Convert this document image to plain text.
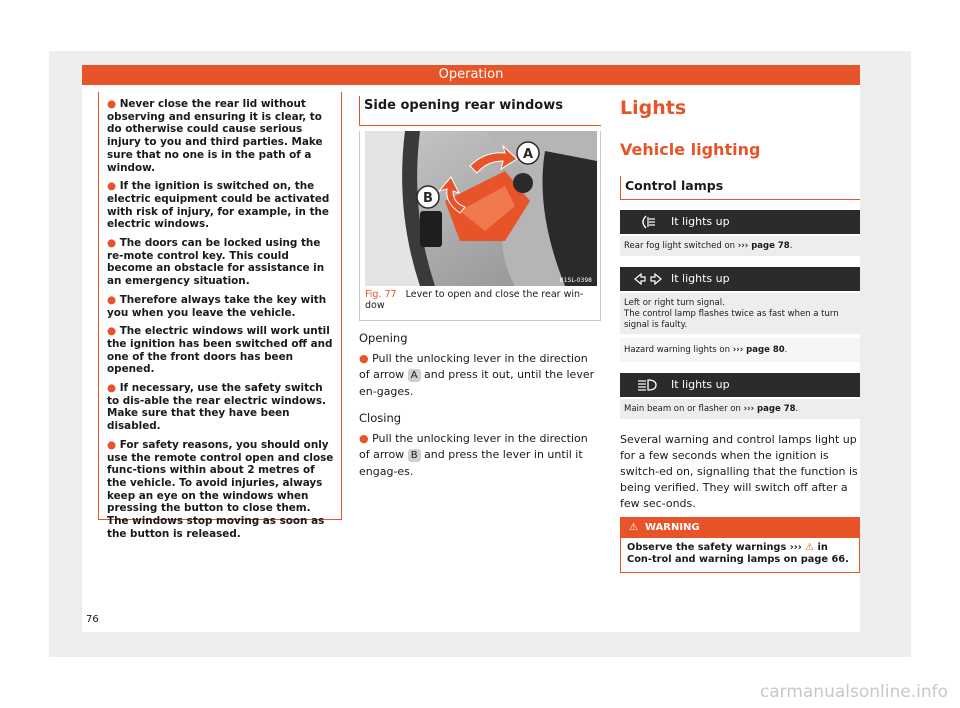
Operation

● Never close the rear lid without observing and ensuring it is clear, to do otherwise could cause serious injury to you and third parties. Make sure that no one is in the path of a window.

● If the ignition is switched on, the electric equipment could be activated with risk of injury, for example, in the electric windows.

● The doors can be locked using the re-mote control key. This could become an obstacle for assistance in an emergency situation.

● Therefore always take the key with you when you leave the vehicle.

● The electric windows will work until the ignition has been switched off and one of the front doors has been opened.

● If necessary, use the safety switch to dis-able the rear electric windows. Make sure that they have been disabled.

● For safety reasons, you should only use the remote control open and close func-tions within about 2 metres of the vehicle. To avoid injuries, always keep an eye on the windows when pressing the button to close them. The windows stop moving as soon as the button is released.

Side opening rear windows
A
B
B1SL-0398
Fig. 77 Lever to open and close the rear win-dow
Opening

● Pull the unlocking lever in the direction of arrow A and press it out, until the lever en-gages.

Closing

● Pull the unlocking lever in the direction of arrow B and press the lever in until it engag-es.

Lights
Vehicle lighting
Control lamps
It lights up
Rear fog light switched on ››› page 78.
It lights up
Left or right turn signal.
The control lamp flashes twice as fast when a turn signal is faulty.
Hazard warning lights on ››› page 80.
It lights up
Main beam on or flasher on ››› page 78.
Several warning and control lamps light up for a few seconds when the ignition is switch-ed on, signalling that the function is being verified. They will switch off after a few sec-onds.
⚠ WARNING
Observe the safety warnings ››› ⚠ in Con-trol and warning lamps on page 66.
76
carmanualsonline.info
